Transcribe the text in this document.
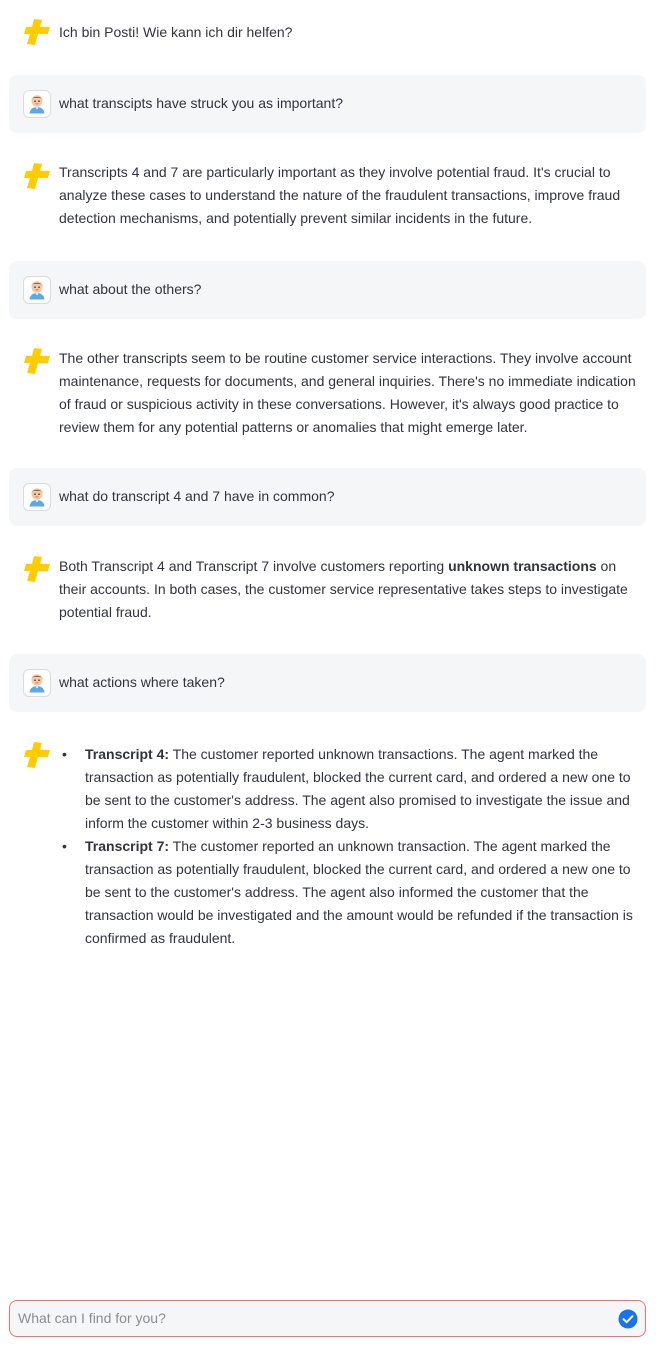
Ich bin Posti! Wie kann ich dir helfen?
what transcipts have struck you as important?
Transcripts 4 and 7 are particularly important as they involve potential fraud. It's crucial to analyze these cases to understand the nature of the fraudulent transactions, improve fraud detection mechanisms, and potentially prevent similar incidents in the future.
what about the others?
The other transcripts seem to be routine customer service interactions. They involve account maintenance, requests for documents, and general inquiries. There's no immediate indication of fraud or suspicious activity in these conversations. However, it's always good practice to review them for any potential patterns or anomalies that might emerge later.
what do transcript 4 and 7 have in common?
Both Transcript 4 and Transcript 7 involve customers reporting unknown transactions on their accounts. In both cases, the customer service representative takes steps to investigate potential fraud.
what actions where taken?
• Transcript 4: The customer reported unknown transactions. The agent marked the transaction as potentially fraudulent, blocked the current card, and ordered a new one to be sent to the customer's address. The agent also promised to investigate the issue and inform the customer within 2-3 business days.
• Transcript 7: The customer reported an unknown transaction. The agent marked the transaction as potentially fraudulent, blocked the current card, and ordered a new one to be sent to the customer's address. The agent also informed the customer that the transaction would be investigated and the amount would be refunded if the transaction is confirmed as fraudulent.
What can I find for you?
